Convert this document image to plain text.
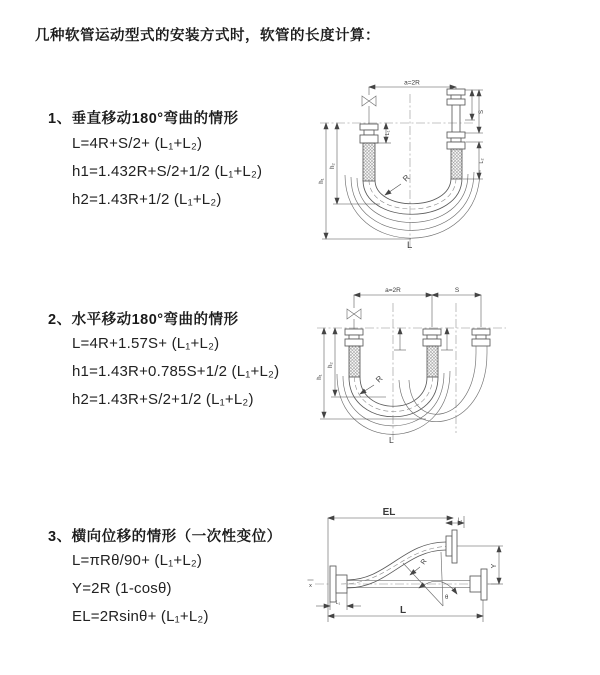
几种软管运动型式的安装方式时，软管的长度计算：
1、垂直移动180°弯曲的情形
L=4R+S/2+ (L₁+L₂)
h1=1.432R+S/2+1/2 (L₁+L₂)
h2=1.43R+1/2 (L₁+L₂)
2、水平移动180°弯曲的情形
L=4R+1.57S+ (L₁+L₂)
h1=1.43R+0.785S+1/2 (L₁+L₂)
h2=1.43R+S/2+1/2 (L₁+L₂)
3、横向位移的情形（一次性变位）
L=πRθ/90+ (L₁+L₂)
Y=2R (1-cosθ)
EL=2Rsinθ+ (L₁+L₂)
a=2R
h₁
h₂
L₁
S
L₂
R
L
a=2R	S
h₁
h₂
R
L
x
EL
L₂
Y
θ
R
L₁
L
